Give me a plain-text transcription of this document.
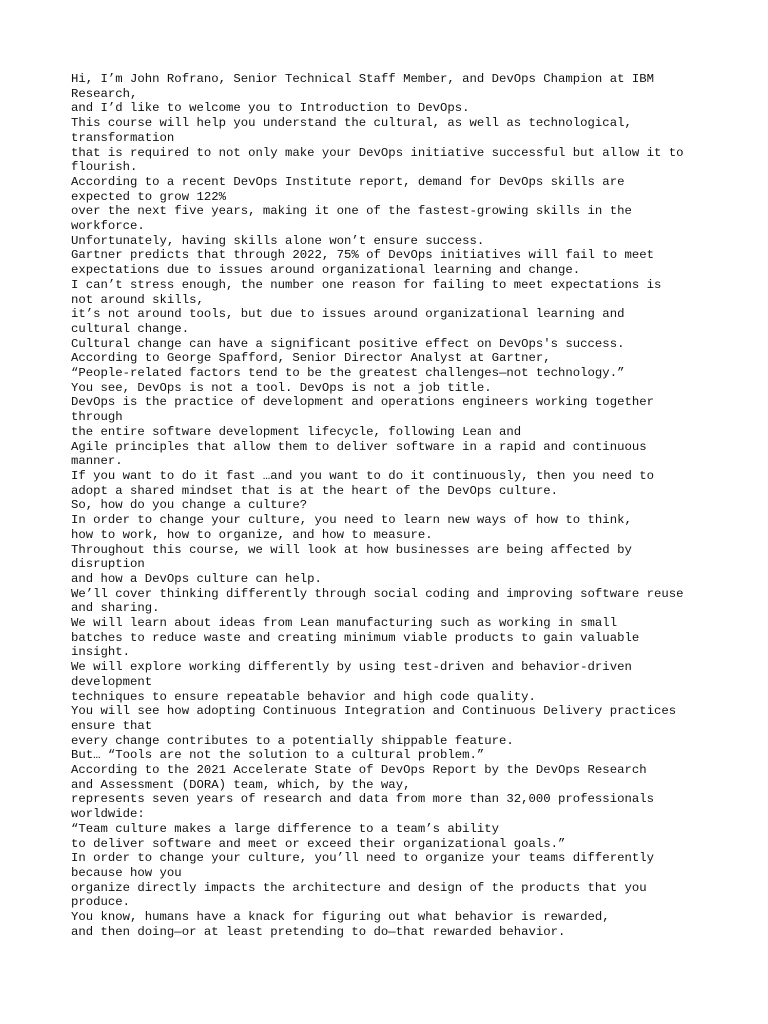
Hi, I’m John Rofrano, Senior Technical Staff Member, and DevOps Champion at IBM
Research,
and I’d like to welcome you to Introduction to DevOps.
This course will help you understand the cultural, as well as technological,
transformation
that is required to not only make your DevOps initiative successful but allow it to
flourish.
According to a recent DevOps Institute report, demand for DevOps skills are
expected to grow 122%
over the next five years, making it one of the fastest-growing skills in the
workforce.
Unfortunately, having skills alone won’t ensure success.
Gartner predicts that through 2022, 75% of DevOps initiatives will fail to meet
expectations due to issues around organizational learning and change.
I can’t stress enough, the number one reason for failing to meet expectations is
not around skills,
it’s not around tools, but due to issues around organizational learning and
cultural change.
Cultural change can have a significant positive effect on DevOps's success.
According to George Spafford, Senior Director Analyst at Gartner,
“People-related factors tend to be the greatest challenges—not technology.”
You see, DevOps is not a tool. DevOps is not a job title.
DevOps is the practice of development and operations engineers working together
through
the entire software development lifecycle, following Lean and
Agile principles that allow them to deliver software in a rapid and continuous
manner.
If you want to do it fast …and you want to do it continuously, then you need to
adopt a shared mindset that is at the heart of the DevOps culture.
So, how do you change a culture?
In order to change your culture, you need to learn new ways of how to think,
how to work, how to organize, and how to measure.
Throughout this course, we will look at how businesses are being affected by
disruption
and how a DevOps culture can help.
We’ll cover thinking differently through social coding and improving software reuse
and sharing.
We will learn about ideas from Lean manufacturing such as working in small
batches to reduce waste and creating minimum viable products to gain valuable
insight.
We will explore working differently by using test-driven and behavior-driven
development
techniques to ensure repeatable behavior and high code quality.
You will see how adopting Continuous Integration and Continuous Delivery practices
ensure that
every change contributes to a potentially shippable feature.
But… “Tools are not the solution to a cultural problem.”
According to the 2021 Accelerate State of DevOps Report by the DevOps Research
and Assessment (DORA) team, which, by the way,
represents seven years of research and data from more than 32,000 professionals
worldwide:
“Team culture makes a large difference to a team’s ability
to deliver software and meet or exceed their organizational goals.”
In order to change your culture, you’ll need to organize your teams differently
because how you
organize directly impacts the architecture and design of the products that you
produce.
You know, humans have a knack for figuring out what behavior is rewarded,
and then doing—or at least pretending to do—that rewarded behavior.
